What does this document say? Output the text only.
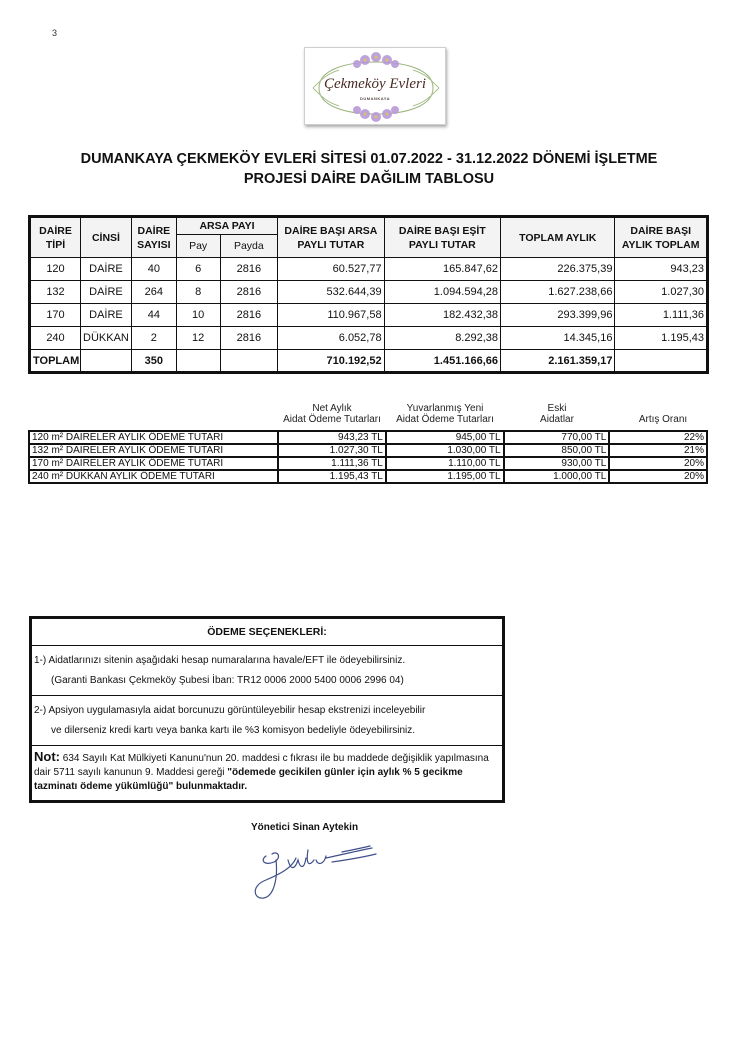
3
Çekmeköy Evleri
DUMANKAYA
DUMANKAYA ÇEKMEKÖY EVLERİ SİTESİ 01.07.2022 - 31.12.2022 DÖNEMİ İŞLETME
PROJESİ DAİRE DAĞILIM TABLOSU
DAİRE TİPİ	CİNSİ	DAİRE SAYISI	ARSA PAYI		DAİRE BAŞI ARSA PAYLI TUTAR	DAİRE BAŞI EŞİT PAYLI TUTAR	TOPLAM AYLIK	DAİRE BAŞI AYLIK TOPLAM
			Pay	Payda				
120	DAİRE	40	6	2816	60.527,77	165.847,62	226.375,39	943,23
132	DAİRE	264	8	2816	532.644,39	1.094.594,28	1.627.238,66	1.027,30
170	DAİRE	44	10	2816	110.967,58	182.432,38	293.399,96	1.111,36
240	DÜKKAN	2	12	2816	6.052,78	8.292,38	14.345,16	1.195,43
TOPLAM		350			710.192,52	1.451.166,66	2.161.359,17	
Net Aylık
Aidat Ödeme Tutarları
Yuvarlanmış Yeni
Aidat Ödeme Tutarları
Eski
Aidatlar	Artış Oranı
120 m² DAİRELER AYLIK ÖDEME TUTARI	943,23 TL	945,00 TL	770,00 TL	22%
132 m² DAİRELER AYLIK ÖDEME TUTARI	1.027,30 TL	1.030,00 TL	850,00 TL	21%
170 m² DAİRELER AYLIK ÖDEME TUTARI	1.111,36 TL	1.110,00 TL	930,00 TL	20%
240 m² DÜKKAN AYLIK ÖDEME TUTARI	1.195,43 TL	1.195,00 TL	1.000,00 TL	20%
ÖDEME SEÇENEKLERİ:
1-) Aidatlarınızı sitenin aşağıdaki hesap numaralarına havale/EFT ile ödeyebilirsiniz.
(Garanti Bankası Çekmeköy Şubesi İban: TR12 0006 2000 5400 0006 2996 04)
2-) Apsiyon uygulamasıyla aidat borcunuzu görüntüleyebilir hesap ekstrenizi inceleyebilir
ve dilerseniz kredi kartı veya banka kartı ile %3 komisyon bedeliyle ödeyebilirsiniz.
Not: 634 Sayılı Kat Mülkiyeti Kanunu'nun 20. maddesi c fıkrası ile bu maddede değişiklik yapılmasına dair 5711 sayılı kanunun 9. Maddesi gereği "ödemede gecikilen günler için aylık % 5 gecikme tazminatı ödeme yükümlüğü" bulunmaktadır.
Yönetici Sinan Aytekin
